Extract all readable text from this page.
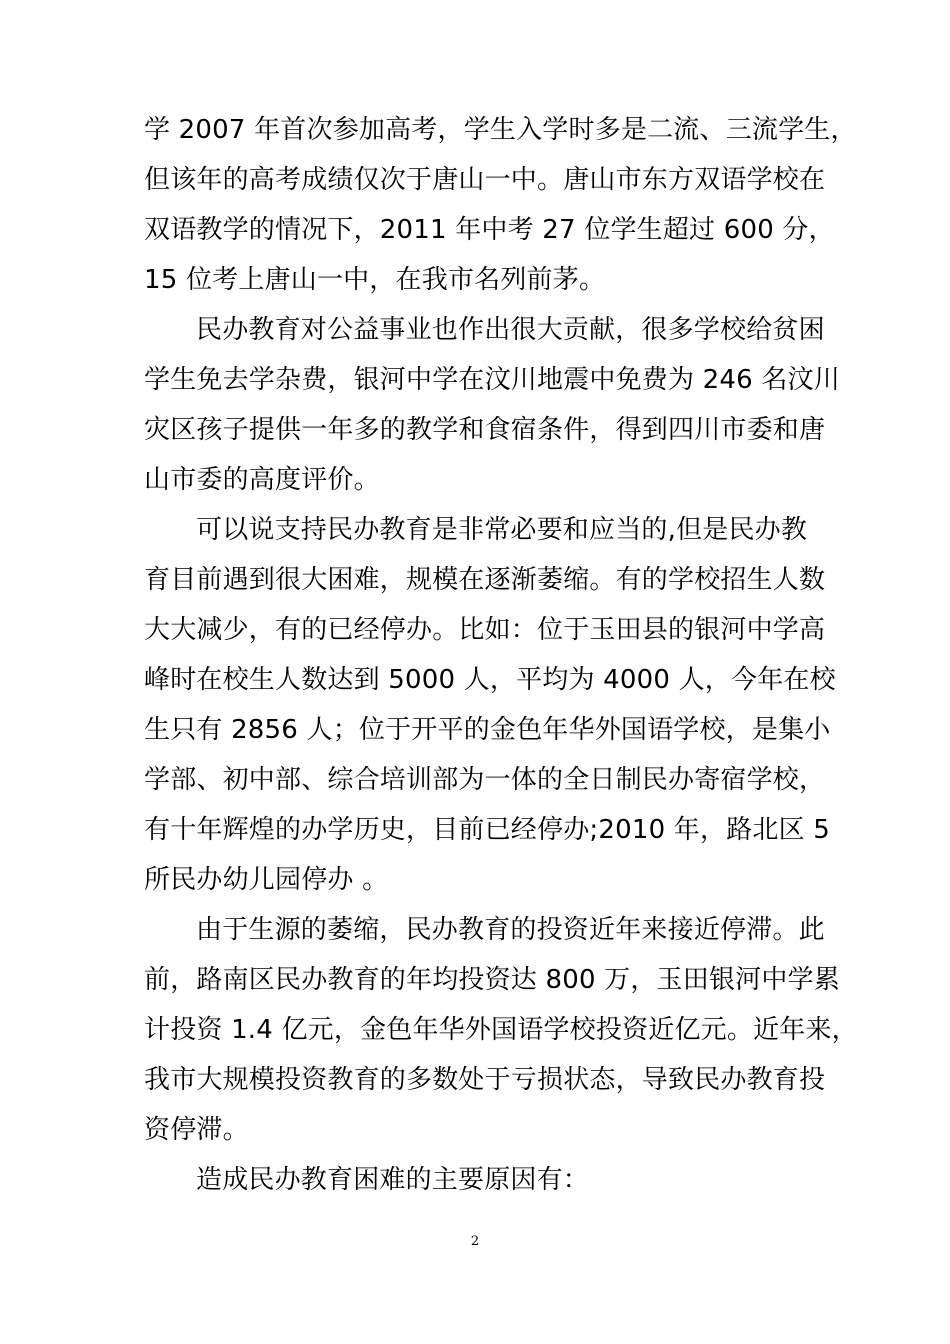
学 2007 年首次参加高考，学生入学时多是二流、三流学生，
但该年的高考成绩仅次于唐山一中。唐山市东方双语学校在
双语教学的情况下，2011 年中考 27 位学生超过 600 分，
15 位考上唐山一中，在我市名列前茅。
民办教育对公益事业也作出很大贡献，很多学校给贫困
学生免去学杂费，银河中学在汶川地震中免费为 246 名汶川
灾区孩子提供一年多的教学和食宿条件，得到四川市委和唐
山市委的高度评价。
可以说支持民办教育是非常必要和应当的,但是民办教
育目前遇到很大困难，规模在逐渐萎缩。有的学校招生人数
大大减少，有的已经停办。比如：位于玉田县的银河中学高
峰时在校生人数达到 5000 人，平均为 4000 人，今年在校
生只有 2856 人；位于开平的金色年华外国语学校，是集小
学部、初中部、综合培训部为一体的全日制民办寄宿学校，
有十年辉煌的办学历史，目前已经停办;2010 年，路北区 5
所民办幼儿园停办 。
由于生源的萎缩，民办教育的投资近年来接近停滞。此
前，路南区民办教育的年均投资达 800 万，玉田银河中学累
计投资 1.4 亿元，金色年华外国语学校投资近亿元。近年来，
我市大规模投资教育的多数处于亏损状态，导致民办教育投
资停滞。
造成民办教育困难的主要原因有：
2
